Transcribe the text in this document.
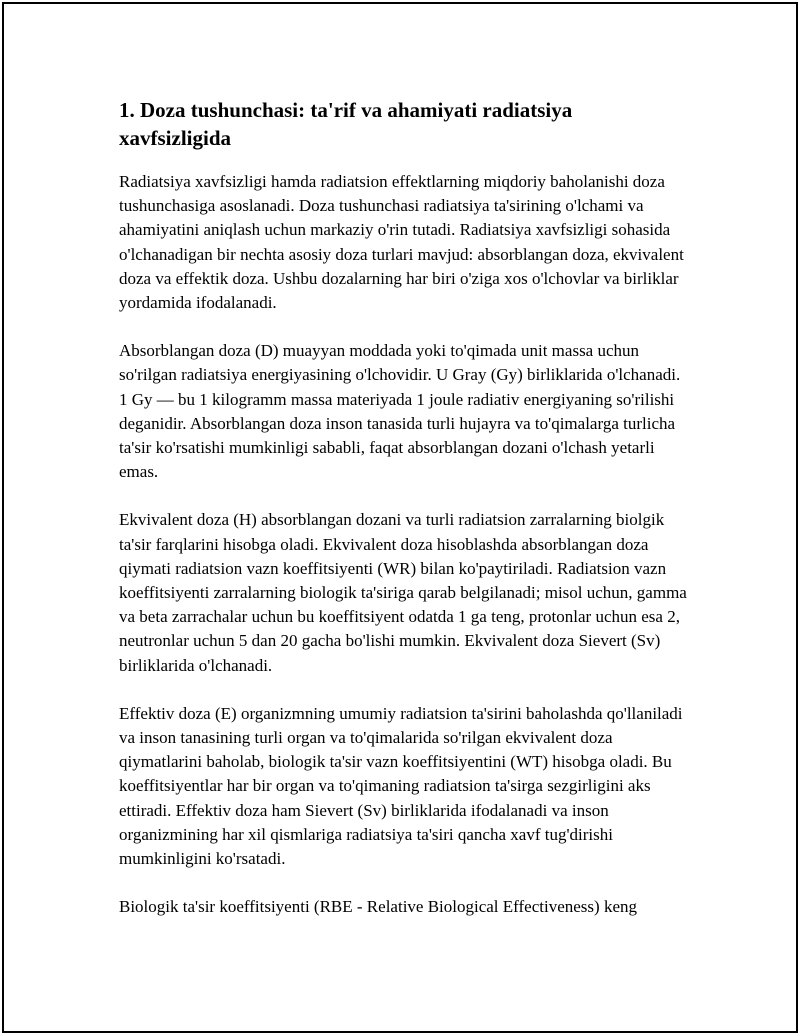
1. Doza tushunchasi: ta'rif va ahamiyati radiatsiya xavfsizligida

Radiatsiya xavfsizligi hamda radiatsion effektlarning miqdoriy baholanishi doza tushunchasiga asoslanadi. Doza tushunchasi radiatsiya ta'sirining o'lchami va ahamiyatini aniqlash uchun markaziy o'rin tutadi. Radiatsiya xavfsizligi sohasida o'lchanadigan bir nechta asosiy doza turlari mavjud: absorblangan doza, ekvivalent doza va effektik doza. Ushbu dozalarning har biri o'ziga xos o'lchovlar va birliklar yordamida ifodalanadi.

Absorblangan doza (D) muayyan moddada yoki to'qimada unit massa uchun so'rilgan radiatsiya energiyasining o'lchovidir. U Gray (Gy) birliklarida o'lchanadi. 1 Gy — bu 1 kilogramm massa materiyada 1 joule radiativ energiyaning so'rilishi deganidir. Absorblangan doza inson tanasida turli hujayra va to'qimalarga turlicha ta'sir ko'rsatishi mumkinligi sababli, faqat absorblangan dozani o'lchash yetarli emas.

Ekvivalent doza (H) absorblangan dozani va turli radiatsion zarralarning biolgik ta'sir farqlarini hisobga oladi. Ekvivalent doza hisoblashda absorblangan doza qiymati radiatsion vazn koeffitsiyenti (WR) bilan ko'paytiriladi. Radiatsion vazn koeffitsiyenti zarralarning biologik ta'siriga qarab belgilanadi; misol uchun, gamma va beta zarrachalar uchun bu koeffitsiyent odatda 1 ga teng, protonlar uchun esa 2, neutronlar uchun 5 dan 20 gacha bo'lishi mumkin. Ekvivalent doza Sievert (Sv) birliklarida o'lchanadi.

Effektiv doza (E) organizmning umumiy radiatsion ta'sirini baholashda qo'llaniladi va inson tanasining turli organ va to'qimalarida so'rilgan ekvivalent doza qiymatlarini baholab, biologik ta'sir vazn koeffitsiyentini (WT) hisobga oladi. Bu koeffitsiyentlar har bir organ va to'qimaning radiatsion ta'sirga sezgirligini aks ettiradi. Effektiv doza ham Sievert (Sv) birliklarida ifodalanadi va inson organizmining har xil qismlariga radiatsiya ta'siri qancha xavf tug'dirishi mumkinligini ko'rsatadi.

Biologik ta'sir koeffitsiyenti (RBE - Relative Biological Effectiveness) keng
